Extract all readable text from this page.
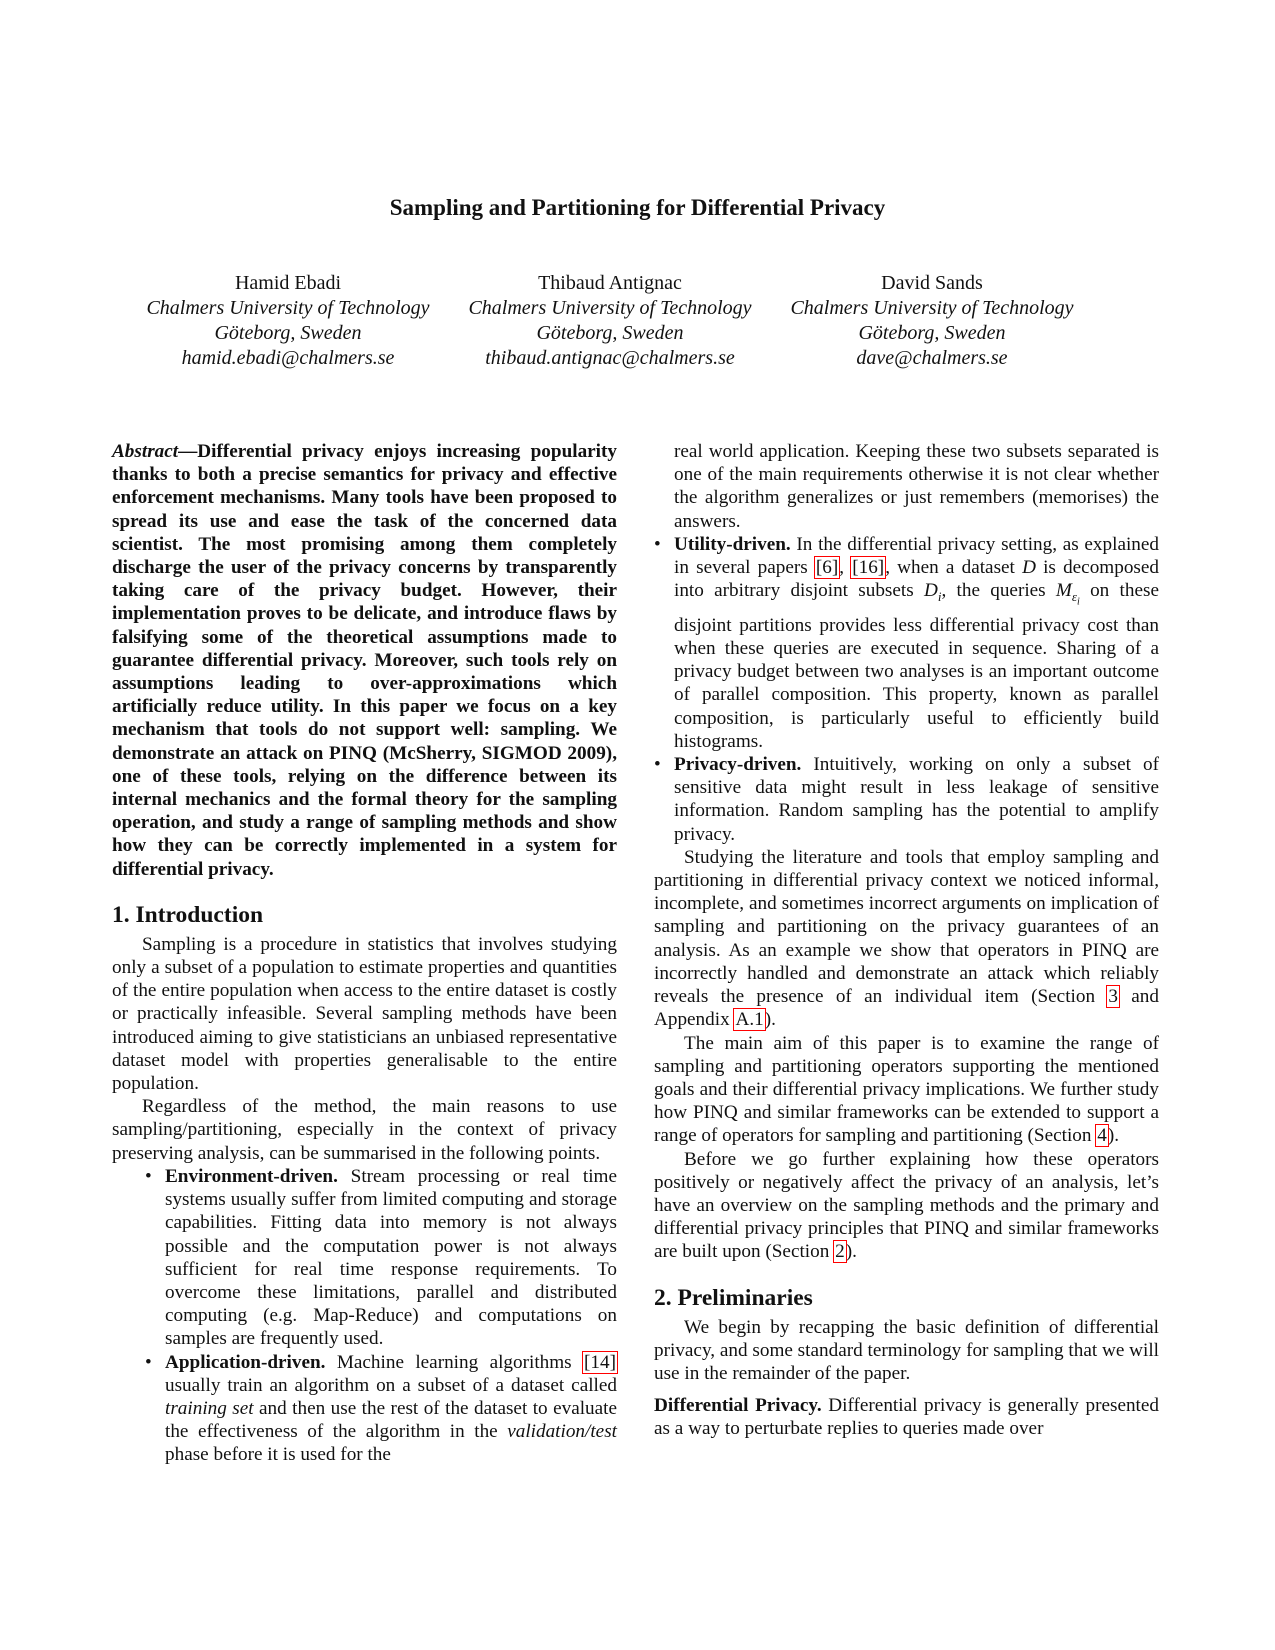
Sampling and Partitioning for Differential Privacy
Hamid Ebadi
Chalmers University of Technology
Göteborg, Sweden
hamid.ebadi@chalmers.se
Thibaud Antignac
Chalmers University of Technology
Göteborg, Sweden
thibaud.antignac@chalmers.se
David Sands
Chalmers University of Technology
Göteborg, Sweden
dave@chalmers.se

Abstract—Differential privacy enjoys increasing popularity thanks to both a precise semantics for privacy and effective enforcement mechanisms. Many tools have been proposed to spread its use and ease the task of the concerned data scientist. The most promising among them completely discharge the user of the privacy concerns by transparently taking care of the privacy budget. However, their implementation proves to be delicate, and introduce flaws by falsifying some of the theoretical assumptions made to guarantee differential privacy. Moreover, such tools rely on assumptions leading to over-approximations which artificially reduce utility. In this paper we focus on a key mechanism that tools do not support well: sampling. We demonstrate an attack on PINQ (McSherry, SIGMOD 2009), one of these tools, relying on the difference between its internal mechanics and the formal theory for the sampling operation, and study a range of sampling methods and show how they can be correctly implemented in a system for differential privacy.

1. Introduction

Sampling is a procedure in statistics that involves studying only a subset of a population to estimate properties and quantities of the entire population when access to the entire dataset is costly or practically infeasible. Several sampling methods have been introduced aiming to give statisticians an unbiased representative dataset model with properties generalisable to the entire population.

Regardless of the method, the main reasons to use sampling/partitioning, especially in the context of privacy preserving analysis, can be summarised in the following points.

• Environment-driven. Stream processing or real time systems usually suffer from limited computing and storage capabilities. Fitting data into memory is not always possible and the computation power is not always sufficient for real time response requirements. To overcome these limitations, parallel and distributed computing (e.g. Map-Reduce) and computations on samples are frequently used.
• Application-driven. Machine learning algorithms [14] usually train an algorithm on a subset of a dataset called training set and then use the rest of the dataset to evaluate the effectiveness of the algorithm in the validation/test phase before it is used for the

real world application. Keeping these two subsets separated is one of the main requirements otherwise it is not clear whether the algorithm generalizes or just remembers (memorises) the answers.

• Utility-driven. In the differential privacy setting, as explained in several papers [6], [16], when a dataset D is decomposed into arbitrary disjoint subsets $D_i$, the queries $M_{\varepsilon_i}$ on these disjoint partitions provides less differential privacy cost than when these queries are executed in sequence. Sharing of a privacy budget between two analyses is an important outcome of parallel composition. This property, known as parallel composition, is particularly useful to efficiently build histograms.
• Privacy-driven. Intuitively, working on only a subset of sensitive data might result in less leakage of sensitive information. Random sampling has the potential to amplify privacy.

Studying the literature and tools that employ sampling and partitioning in differential privacy context we noticed informal, incomplete, and sometimes incorrect arguments on implication of sampling and partitioning on the privacy guarantees of an analysis. As an example we show that operators in PINQ are incorrectly handled and demonstrate an attack which reliably reveals the presence of an individual item (Section 3 and Appendix A.1).

The main aim of this paper is to examine the range of sampling and partitioning operators supporting the mentioned goals and their differential privacy implications. We further study how PINQ and similar frameworks can be extended to support a range of operators for sampling and partitioning (Section 4).

Before we go further explaining how these operators positively or negatively affect the privacy of an analysis, let’s have an overview on the sampling methods and the primary and differential privacy principles that PINQ and similar frameworks are built upon (Section 2).

2. Preliminaries

We begin by recapping the basic definition of differential privacy, and some standard terminology for sampling that we will use in the remainder of the paper.

Differential Privacy. Differential privacy is generally presented as a way to perturbate replies to queries made over
